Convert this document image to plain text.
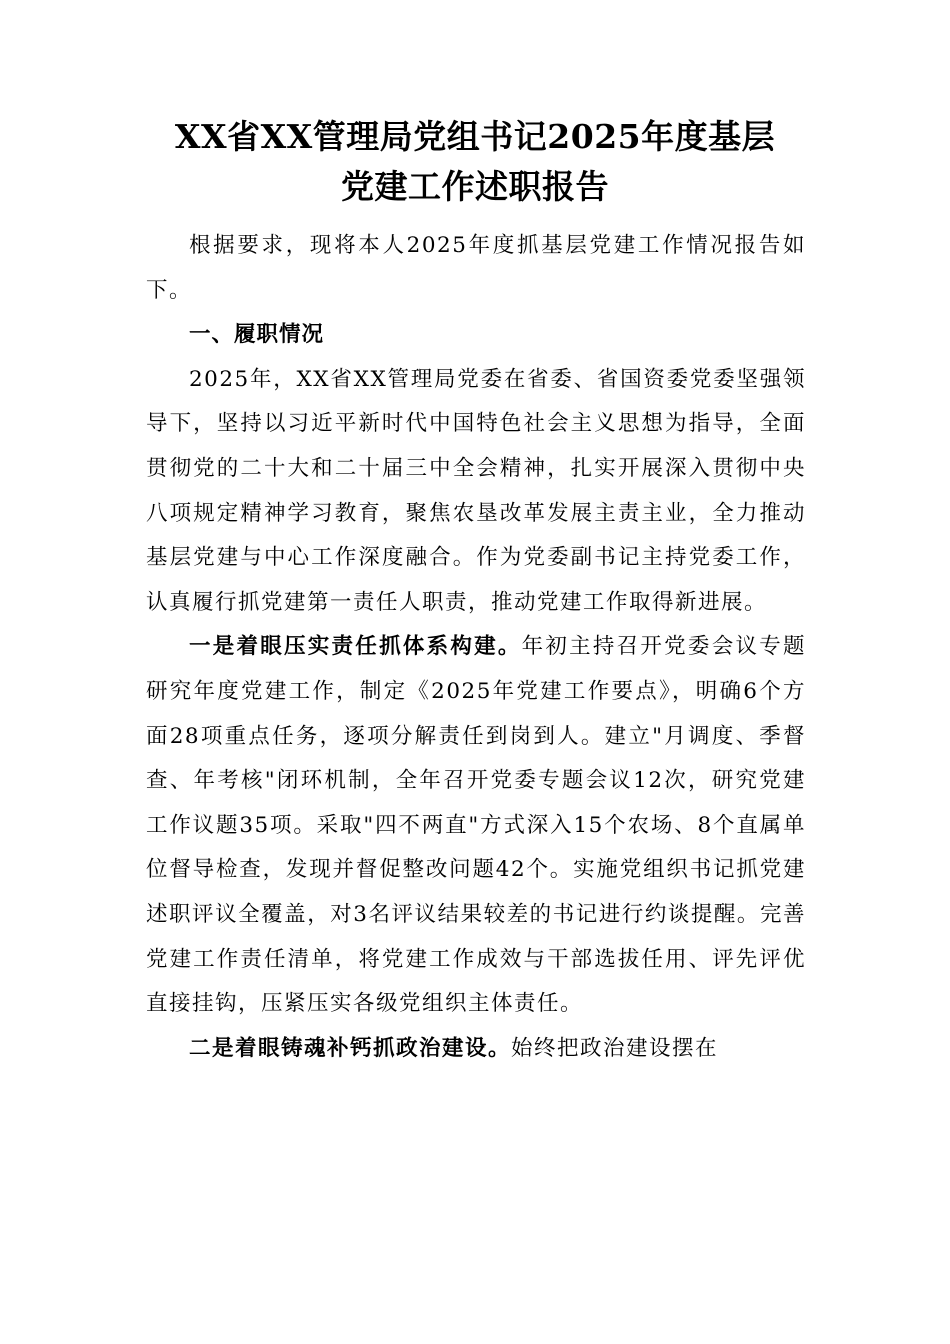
XX省XX管理局党组书记2025年度基层
党建工作述职报告

根据要求，现将本人2025年度抓基层党建工作情况报告如下。

一、履职情况

2025年，XX省XX管理局党委在省委、省国资委党委坚强领导下，坚持以习近平新时代中国特色社会主义思想为指导，全面贯彻党的二十大和二十届三中全会精神，扎实开展深入贯彻中央八项规定精神学习教育，聚焦农垦改革发展主责主业，全力推动基层党建与中心工作深度融合。作为党委副书记主持党委工作，认真履行抓党建第一责任人职责，推动党建工作取得新进展。

一是着眼压实责任抓体系构建。年初主持召开党委会议专题研究年度党建工作，制定《2025年党建工作要点》，明确6个方面28项重点任务，逐项分解责任到岗到人。建立"月调度、季督查、年考核"闭环机制，全年召开党委专题会议12次，研究党建工作议题35项。采取"四不两直"方式深入15个农场、8个直属单位督导检查，发现并督促整改问题42个。实施党组织书记抓党建述职评议全覆盖，对3名评议结果较差的书记进行约谈提醒。完善党建工作责任清单，将党建工作成效与干部选拔任用、评先评优直接挂钩，压紧压实各级党组织主体责任。

二是着眼铸魂补钙抓政治建设。始终把政治建设摆在
